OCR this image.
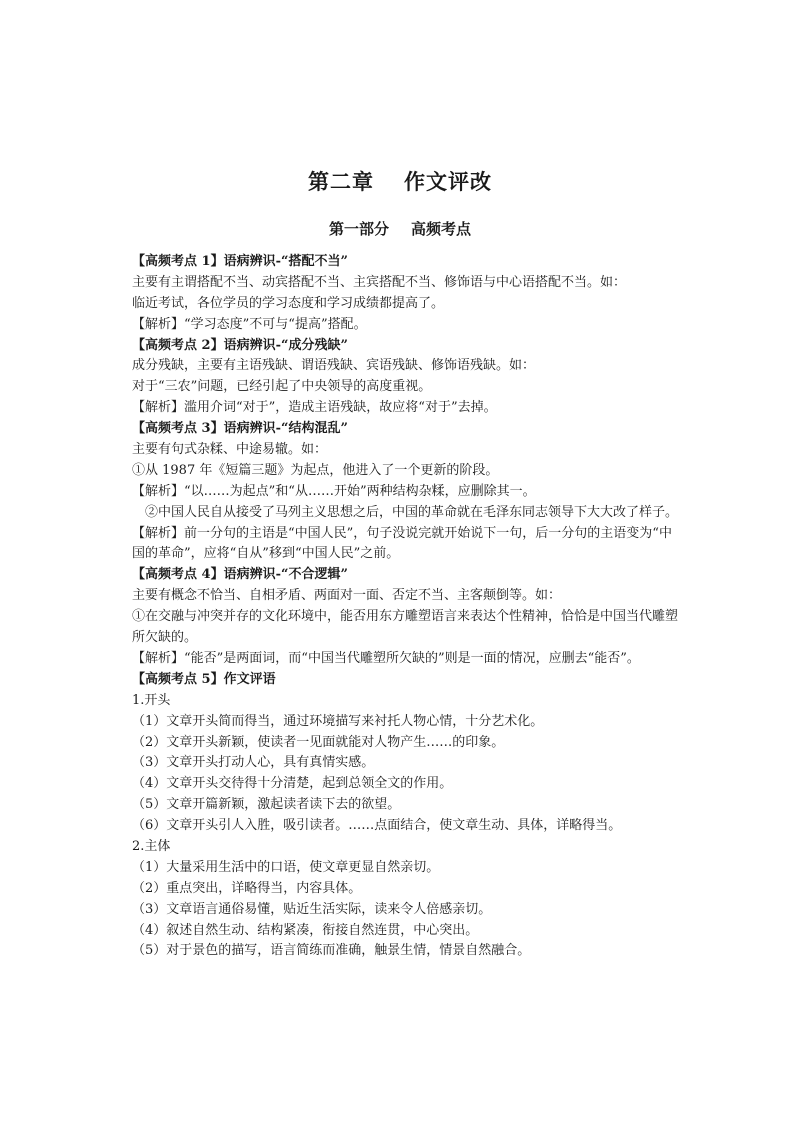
第二章 作文评改
第一部分 高频考点
【高频考点 1】语病辨识-“搭配不当”
主要有主谓搭配不当、动宾搭配不当、主宾搭配不当、修饰语与中心语搭配不当。如：
临近考试，各位学员的学习态度和学习成绩都提高了。
【解析】“学习态度”不可与“提高”搭配。
【高频考点 2】语病辨识-“成分残缺”
成分残缺，主要有主语残缺、谓语残缺、宾语残缺、修饰语残缺。如：
对于“三农”问题，已经引起了中央领导的高度重视。
【解析】滥用介词“对于”，造成主语残缺，故应将“对于”去掉。
【高频考点 3】语病辨识-“结构混乱”
主要有句式杂糅、中途易辙。如：
①从 1987 年《短篇三题》为起点，他进入了一个更新的阶段。
【解析】“以……为起点”和“从……开始”两种结构杂糅，应删除其一。
②中国人民自从接受了马列主义思想之后，中国的革命就在毛泽东同志领导下大大改了样子。
【解析】前一分句的主语是“中国人民”，句子没说完就开始说下一句，后一分句的主语变为“中国的革命”，应将“自从”移到“中国人民”之前。
【高频考点 4】语病辨识-“不合逻辑”
主要有概念不恰当、自相矛盾、两面对一面、否定不当、主客颠倒等。如：
①在交融与冲突并存的文化环境中，能否用东方雕塑语言来表达个性精神，恰恰是中国当代雕塑所欠缺的。
【解析】“能否”是两面词，而“中国当代雕塑所欠缺的”则是一面的情况，应删去“能否”。
【高频考点 5】作文评语
1.开头
（1）文章开头简而得当，通过环境描写来衬托人物心情，十分艺术化。
（2）文章开头新颖，使读者一见面就能对人物产生……的印象。
（3）文章开头打动人心，具有真情实感。
（4）文章开头交待得十分清楚，起到总领全文的作用。
（5）文章开篇新颖，激起读者读下去的欲望。
（6）文章开头引人入胜，吸引读者。……点面结合，使文章生动、具体，详略得当。
2.主体
（1）大量采用生活中的口语，使文章更显自然亲切。
（2）重点突出，详略得当，内容具体。
（3）文章语言通俗易懂，贴近生活实际，读来令人倍感亲切。
（4）叙述自然生动、结构紧凑，衔接自然连贯，中心突出。
（5）对于景色的描写，语言简练而准确，触景生情，情景自然融合。
